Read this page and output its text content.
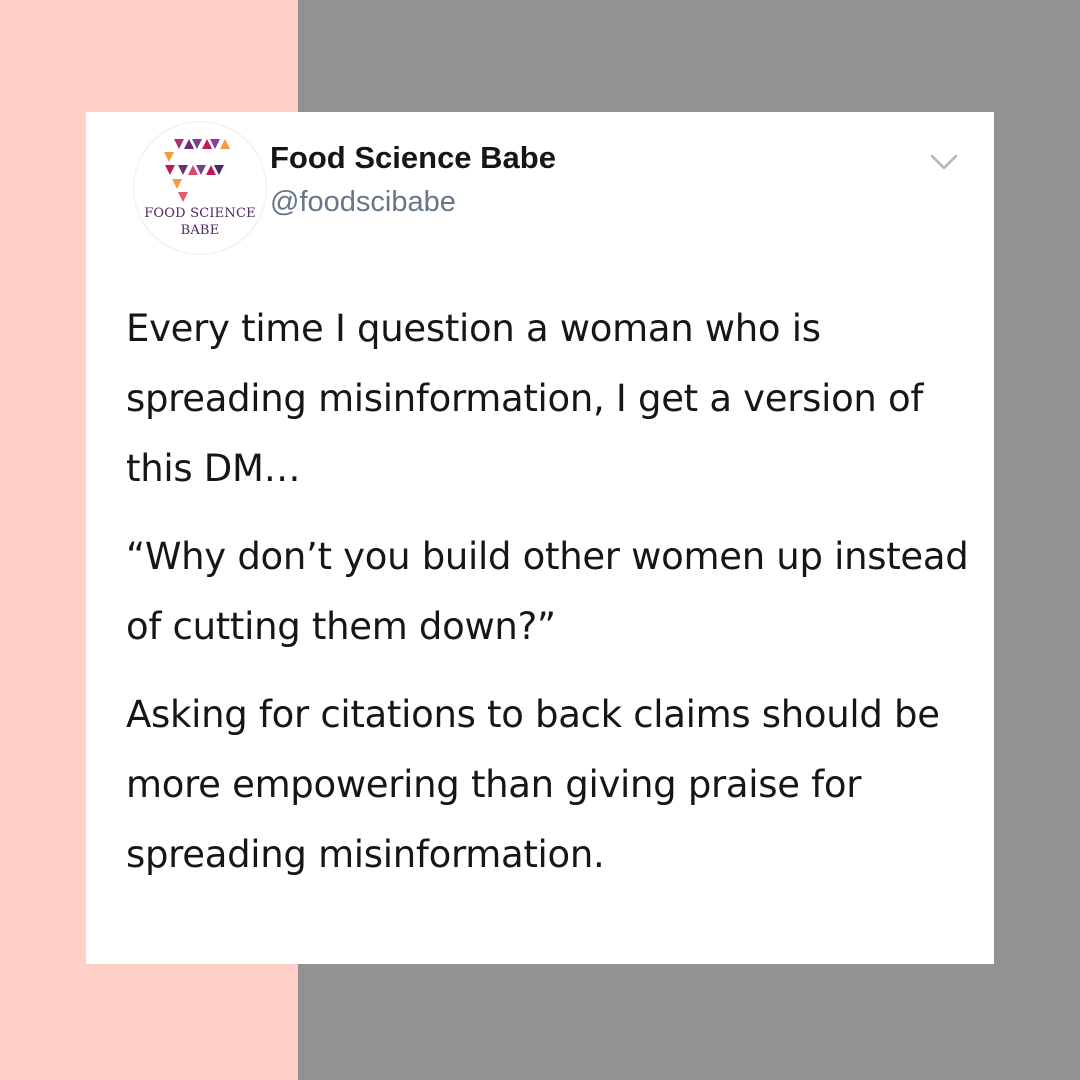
FOOD SCIENCE
BABE
Food Science Babe
@foodscibabe

Every time I question a woman who is spreading misinformation, I get a version of this DM…

“Why don’t you build other women up instead of cutting them down?”

Asking for citations to back claims should be more empowering than giving praise for spreading misinformation.
